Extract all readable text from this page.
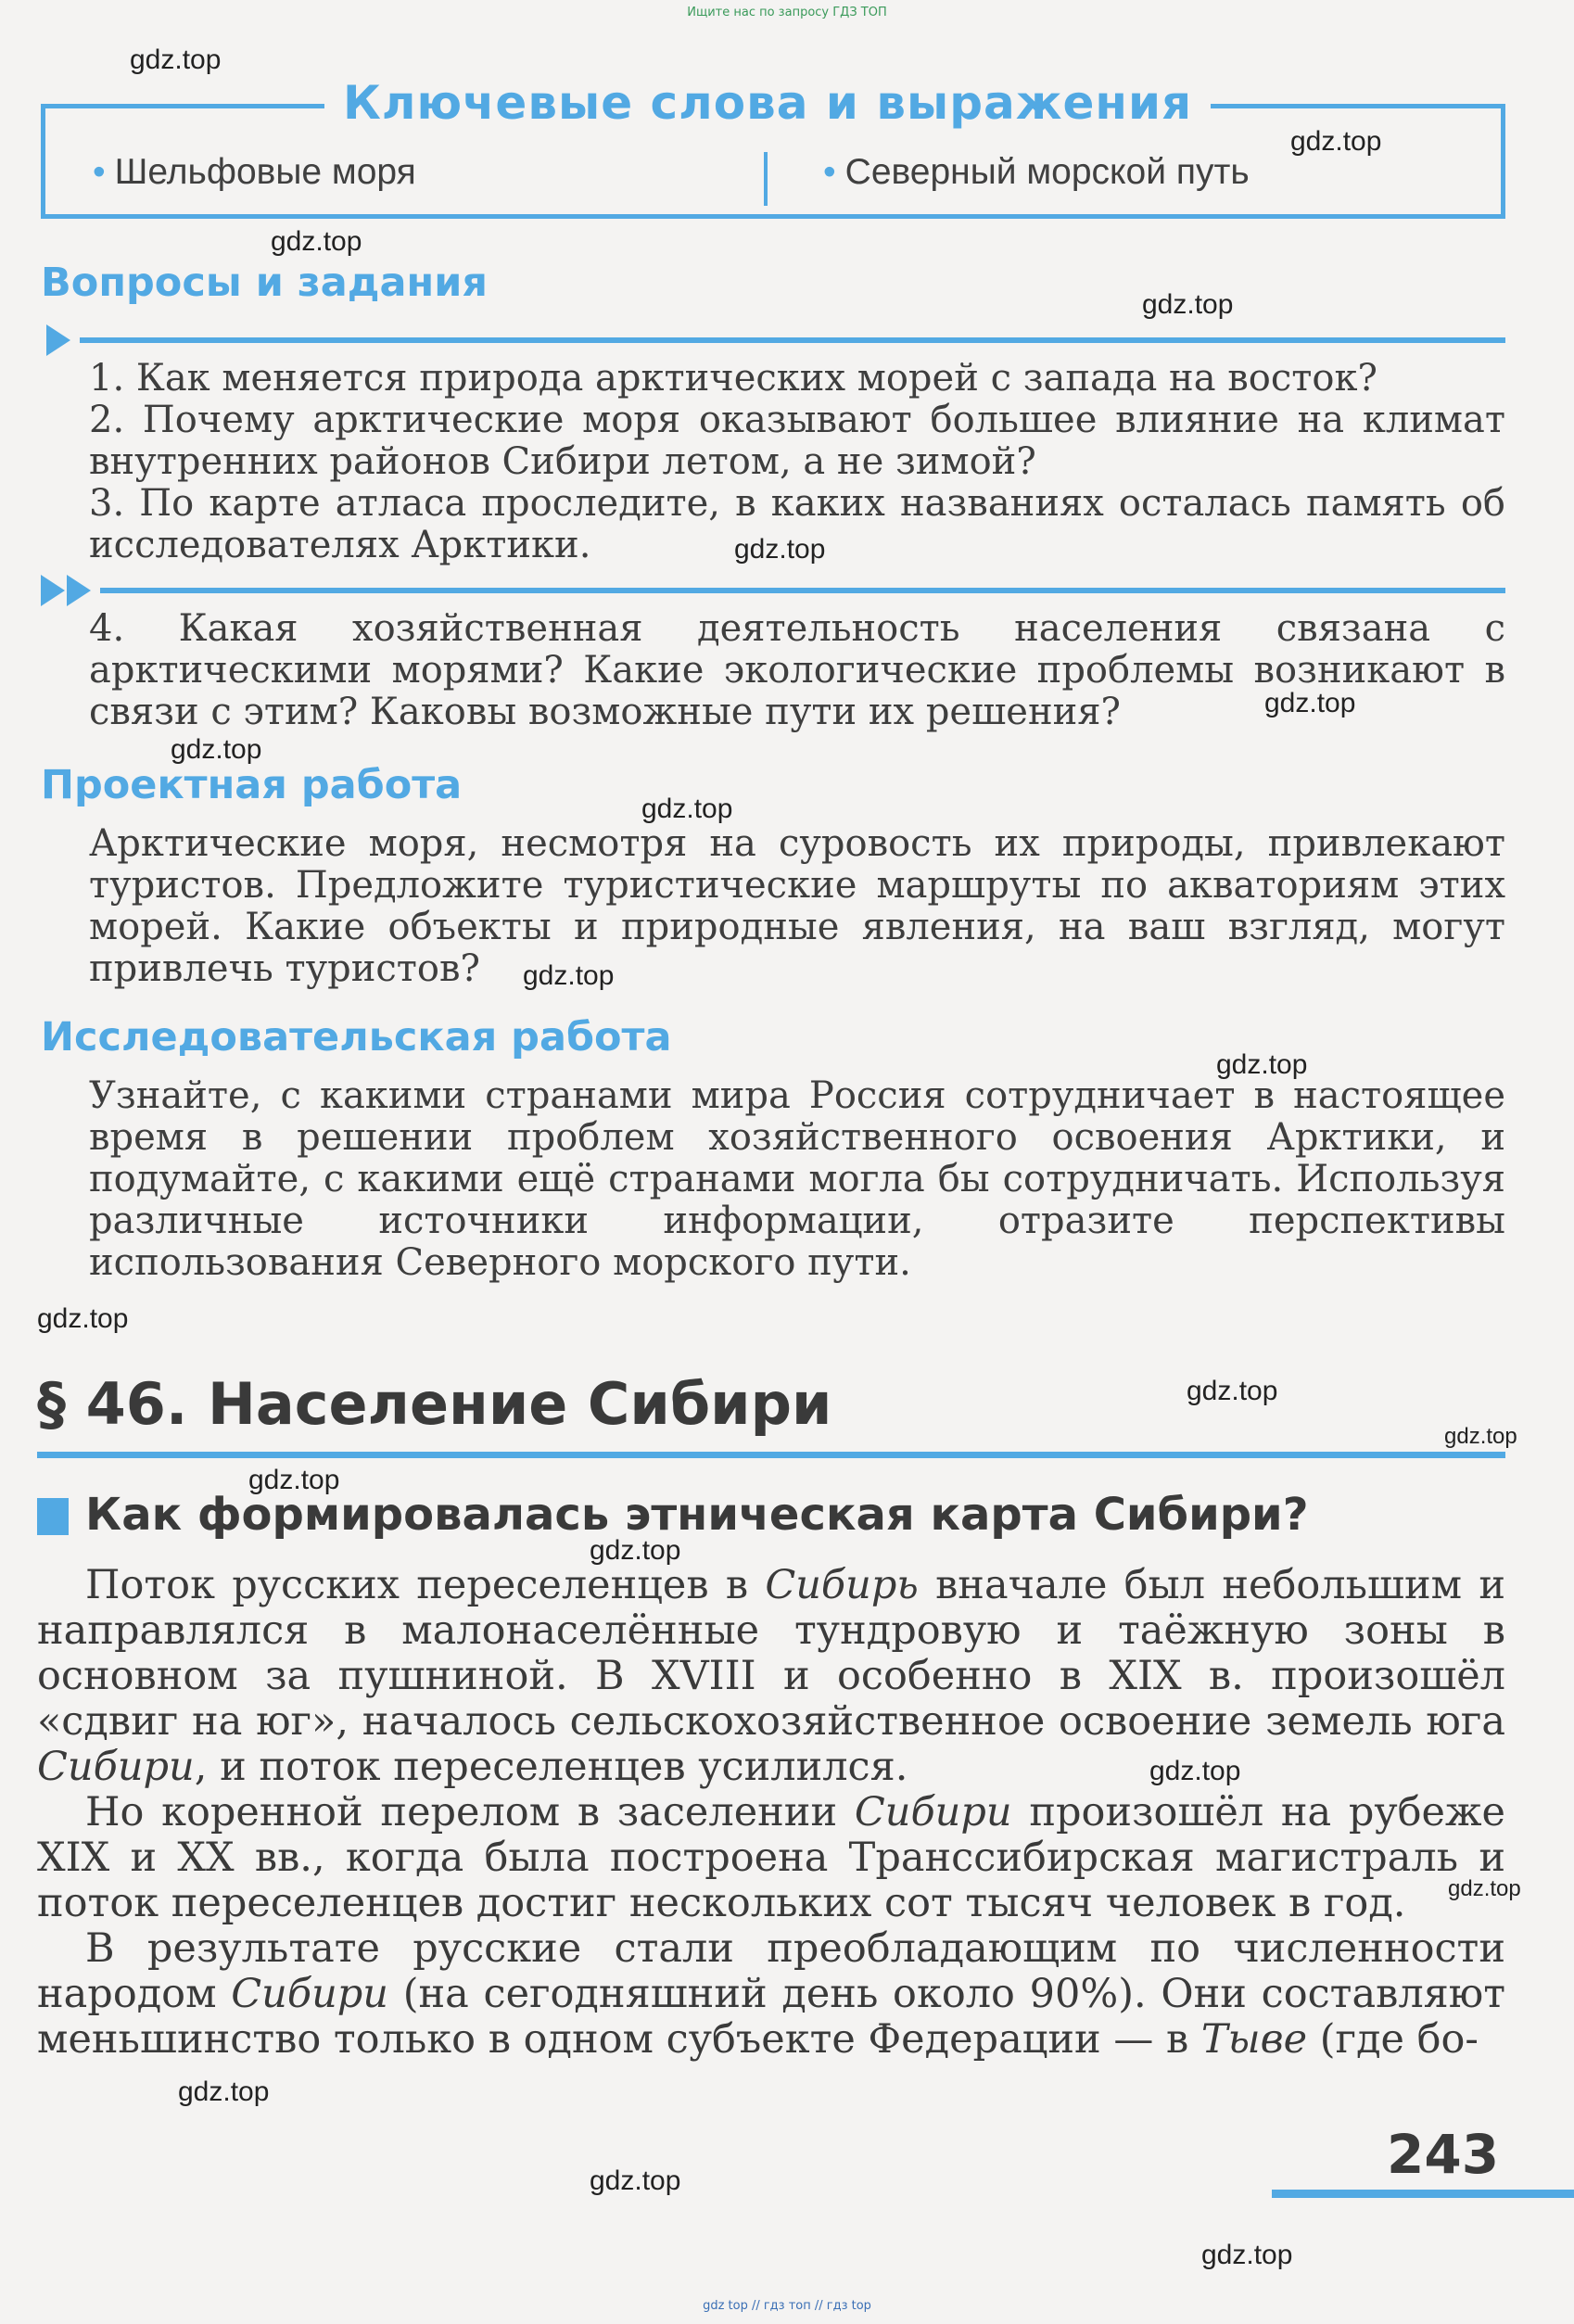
Ищите нас по запросу ГДЗ ТОП
Ключевые слова и выражения
• Шельфовые моря	• Северный морской путь
Вопросы и задания
1. Как меняется природа арктических морей с запада на восток?
2. Почему арктические моря оказывают большее влияние на климат внутренних районов Сибири летом, а не зимой?
3. По карте атласа проследите, в каких названиях осталась память об исследователях Арктики.
4. Какая хозяйственная деятельность населения связана с арктическими морями? Какие экологические проблемы возникают в связи с этим? Каковы возможные пути их решения?
Проектная работа
Арктические моря, несмотря на суровость их природы, привлекают туристов. Предложите туристические маршруты по акваториям этих морей. Какие объекты и природные явления, на ваш взгляд, могут привлечь туристов?
Исследовательская работа
Узнайте, с какими странами мира Россия сотрудничает в настоящее время в решении проблем хозяйственного освоения Арктики, и подумайте, с какими ещё странами могла бы сотрудничать. Используя различные источники информации, отразите перспективы использования Северного морского пути.
§ 46. Население Сибири
Как формировалась этническая карта Сибири?

Поток русских переселенцев в Сибирь вначале был небольшим и направлялся в малонаселённые тундровую и таёжную зоны в основном за пушниной. В XVIII и особенно в XIX в. произошёл «сдвиг на юг», началось сельскохозяйственное освоение земель юга Сибири, и поток переселенцев усилился.

Но коренной перелом в заселении Сибири произошёл на рубеже XIX и XX вв., когда была построена Транссибирская магистраль и поток переселенцев достиг нескольких сот тысяч человек в год.

В результате русские стали преобладающим по численности народом Сибири (на сегодняшний день около 90%). Они составляют меньшинство только в одном субъекте Федерации — в Тыве (где бо-

243
gdz.top
gdz.top
gdz.top
gdz.top
gdz.top
gdz.top
gdz.top
gdz.top
gdz.top
gdz.top
gdz.top
gdz.top
gdz.top
gdz.top
gdz.top
gdz.top
gdz.top
gdz.top
gdz.top
gdz.top
gdz top // гдз топ // гдз top
